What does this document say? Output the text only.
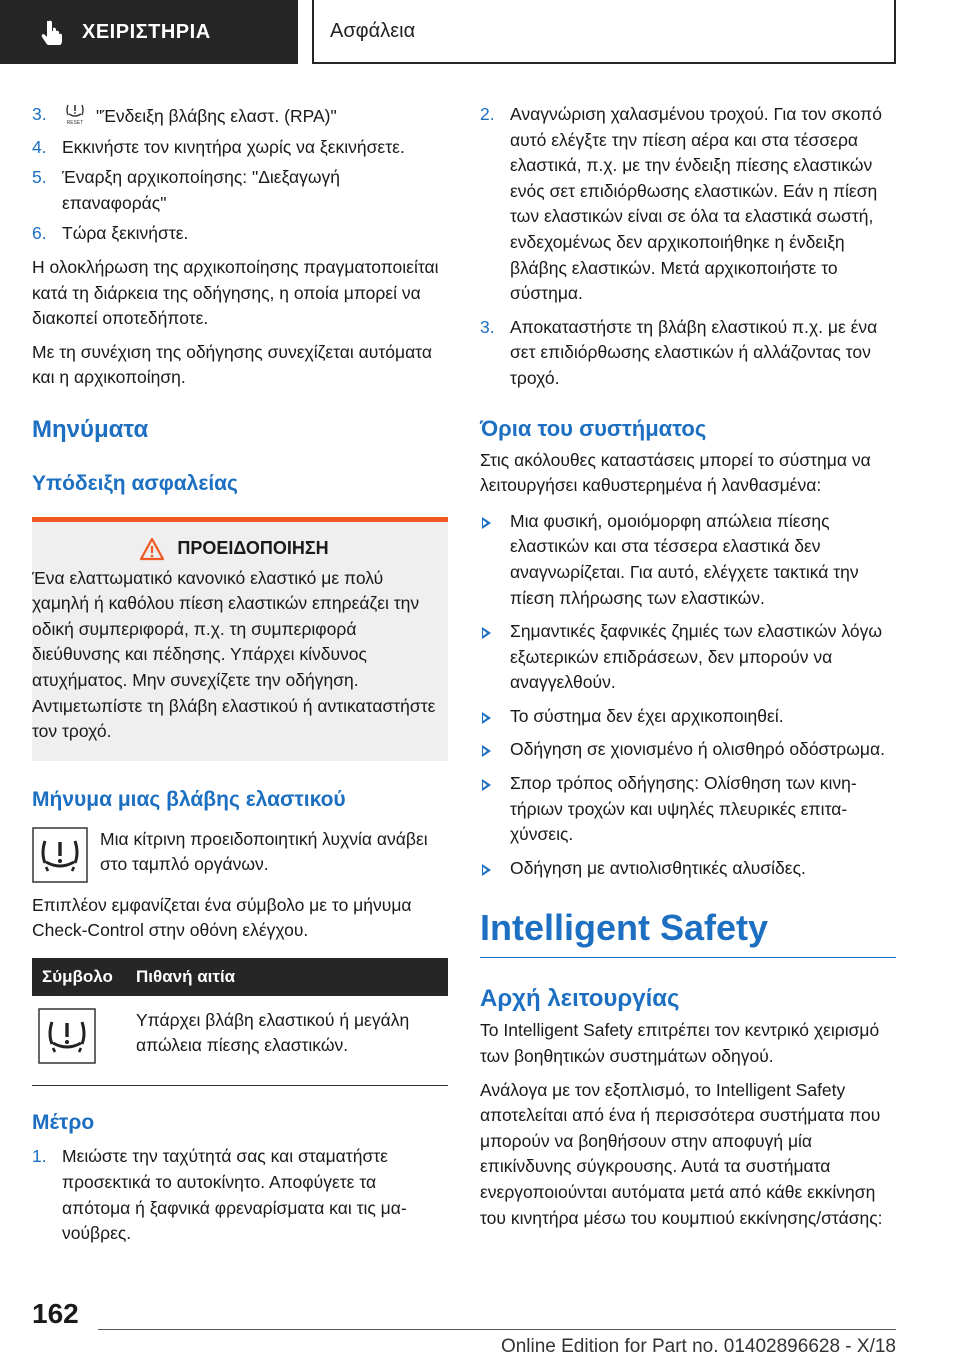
ΧΕΙΡΙΣΤΗΡΙΑ	Ασφάλεια
3.	RESET "Ένδειξη βλάβης ελαστ. (RPA)"
4. Εκκινήστε τον κινητήρα χωρίς να ξεκινήσετε.
5. Έναρξη αρχικοποίησης: "Διεξαγωγή επαναφοράς"
6. Τώρα ξεκινήστε.

Η ολοκλήρωση της αρχικοποίησης πραγματοποιείται κατά τη διάρκεια της οδήγησης, η οποία μπορεί να διακοπεί οποτεδήποτε.

Με τη συνέχιση της οδήγησης συνεχίζεται αυτόματα και η αρχικοποίηση.

Μηνύματα
Υπόδειξη ασφαλείας
ΠΡΟΕΙΔΟΠΟΙΗΣΗ

Ένα ελαττωματικό κανονικό ελαστικό με πολύ χαμηλή ή καθόλου πίεση ελαστικών επηρεάζει την οδική συμπεριφορά, π.χ. τη συμπεριφορά διεύθυνσης και πέδησης. Υπάρχει κίνδυνος ατυχήματος. Μην συνεχίζετε την οδήγηση. Αντιμετωπίστε τη βλάβη ελαστικού ή αντικαταστήστε τον τροχό.

Μήνυμα μιας βλάβης ελαστικού

Μια κίτρινη προειδοποιητική λυχνία ανάβει στο ταμπλό οργάνων.

Επιπλέον εμφανίζεται ένα σύμβολο με το μήνυμα Check-Control στην οθόνη ελέγχου.

Σύμβολο	Πιθανή αιτία
	Υπάρχει βλάβη ελαστικού ή μεγάλη απώλεια πίεσης ελαστικών.
Μέτρο
1. Μειώστε την ταχύτητά σας και σταματήστε προσεκτικά το αυτοκίνητο. Αποφύγετε τα απότομα ή ξαφνικά φρεναρίσματα και τις μανούβρες.
2. Αναγνώριση χαλασμένου τροχού. Για τον σκοπό αυτό ελέγξτε την πίεση αέρα και στα τέσσερα ελαστικά, π.χ. με την ένδειξη πίεσης ελαστικών ενός σετ επιδιόρθωσης ελαστικών. Εάν η πίεση των ελαστικών είναι σε όλα τα ελαστικά σωστή, ενδεχομένως δεν αρχικοποιήθηκε η ένδειξη βλάβης ελαστικών. Μετά αρχικοποιήστε το σύστημα.
3. Αποκαταστήστε τη βλάβη ελαστικού π.χ. με ένα σετ επιδιόρθωσης ελαστικών ή αλλάζοντας τον τροχό.
Όρια του συστήματος

Στις ακόλουθες καταστάσεις μπορεί το σύστημα να λειτουργήσει καθυστερημένα ή λανθασμένα:

Μια φυσική, ομοιόμορφη απώλεια πίεσης ελαστικών και στα τέσσερα ελαστικά δεν αναγνωρίζεται. Για αυτό, ελέγχετε τακτικά την πίεση πλήρωσης των ελαστικών.
Σημαντικές ξαφνικές ζημιές των ελαστικών λόγω εξωτερικών επιδράσεων, δεν μπορούν να αναγγελθούν.
Το σύστημα δεν έχει αρχικοποιηθεί.
Οδήγηση σε χιονισμένο ή ολισθηρό οδόστρωμα.
Σπορ τρόπος οδήγησης: Ολίσθηση των κινητήριων τροχών και υψηλές πλευρικές επιταχύνσεις.
Οδήγηση με αντιολισθητικές αλυσίδες.
Intelligent Safety
Αρχή λειτουργίας

Το Intelligent Safety επιτρέπει τον κεντρικό χειρισμό των βοηθητικών συστημάτων οδηγού.

Ανάλογα με τον εξοπλισμό, το Intelligent Safety αποτελείται από ένα ή περισσότερα συστήματα που μπορούν να βοηθήσουν στην αποφυγή μία επικίνδυνης σύγκρουσης. Αυτά τα συστήματα ενεργοποιούνται αυτόματα μετά από κάθε εκκίνηση του κινητήρα μέσω του κουμπιού εκκίνησης/στάσης:

162
Online Edition for Part no. 01402896628 - X/18
